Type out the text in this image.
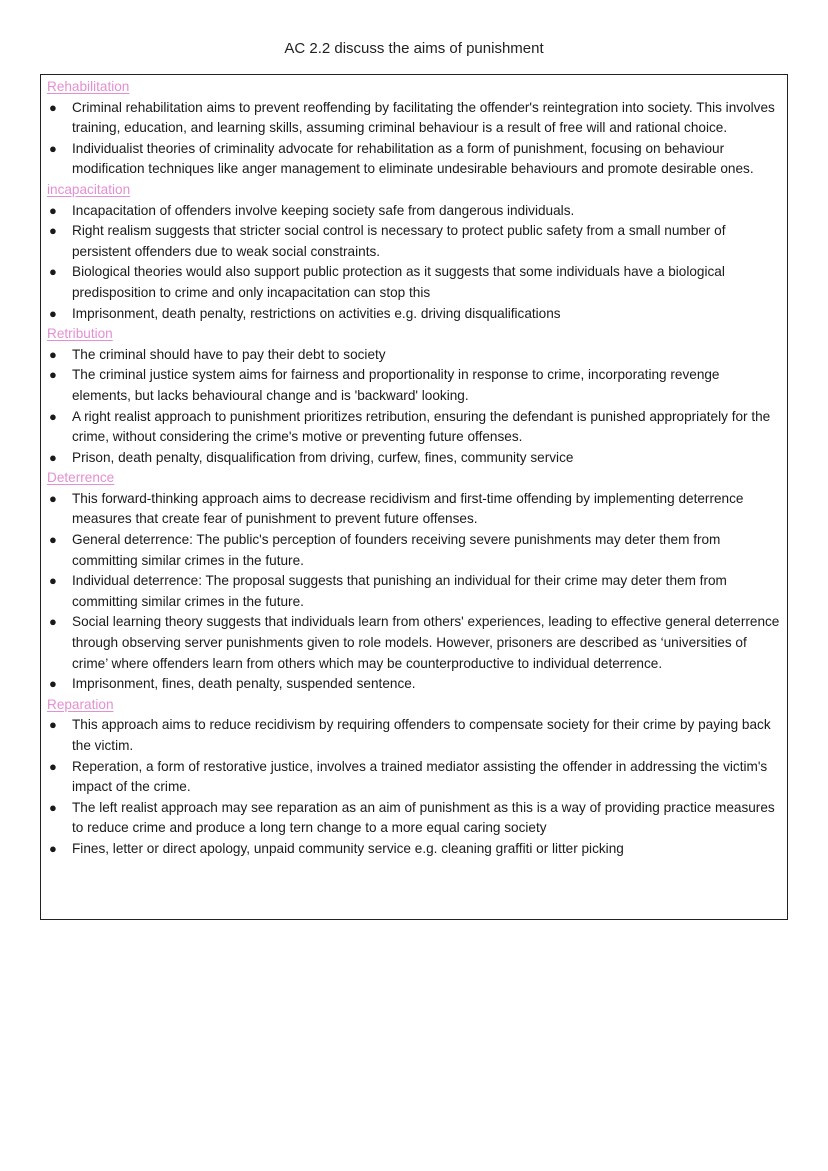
AC 2.2 discuss the aims of punishment
Rehabilitation
● Criminal rehabilitation aims to prevent reoffending by facilitating the offender's reintegration into society. This involves training, education, and learning skills, assuming criminal behaviour is a result of free will and rational choice.
● Individualist theories of criminality advocate for rehabilitation as a form of punishment, focusing on behaviour modification techniques like anger management to eliminate undesirable behaviours and promote desirable ones.
incapacitation
● Incapacitation of offenders involve keeping society safe from dangerous individuals.
● Right realism suggests that stricter social control is necessary to protect public safety from a small number of persistent offenders due to weak social constraints.
● Biological theories would also support public protection as it suggests that some individuals have a biological predisposition to crime and only incapacitation can stop this
● Imprisonment, death penalty, restrictions on activities e.g. driving disqualifications
Retribution
● The criminal should have to pay their debt to society
● The criminal justice system aims for fairness and proportionality in response to crime, incorporating revenge elements, but lacks behavioural change and is 'backward' looking.
● A right realist approach to punishment prioritizes retribution, ensuring the defendant is punished appropriately for the crime, without considering the crime's motive or preventing future offenses.
● Prison, death penalty, disqualification from driving, curfew, fines, community service
Deterrence
● This forward-thinking approach aims to decrease recidivism and first-time offending by implementing deterrence measures that create fear of punishment to prevent future offenses.
● General deterrence: The public's perception of founders receiving severe punishments may deter them from committing similar crimes in the future.
● Individual deterrence: The proposal suggests that punishing an individual for their crime may deter them from committing similar crimes in the future.
● Social learning theory suggests that individuals learn from others' experiences, leading to effective general deterrence through observing server punishments given to role models. However, prisoners are described as ‘universities of crime’ where offenders learn from others which may be counterproductive to individual deterrence.
● Imprisonment, fines, death penalty, suspended sentence.
Reparation
● This approach aims to reduce recidivism by requiring offenders to compensate society for their crime by paying back the victim.
● Reperation, a form of restorative justice, involves a trained mediator assisting the offender in addressing the victim's impact of the crime.
● The left realist approach may see reparation as an aim of punishment as this is a way of providing practice measures to reduce crime and produce a long tern change to a more equal caring society
● Fines, letter or direct apology, unpaid community service e.g. cleaning graffiti or litter picking
